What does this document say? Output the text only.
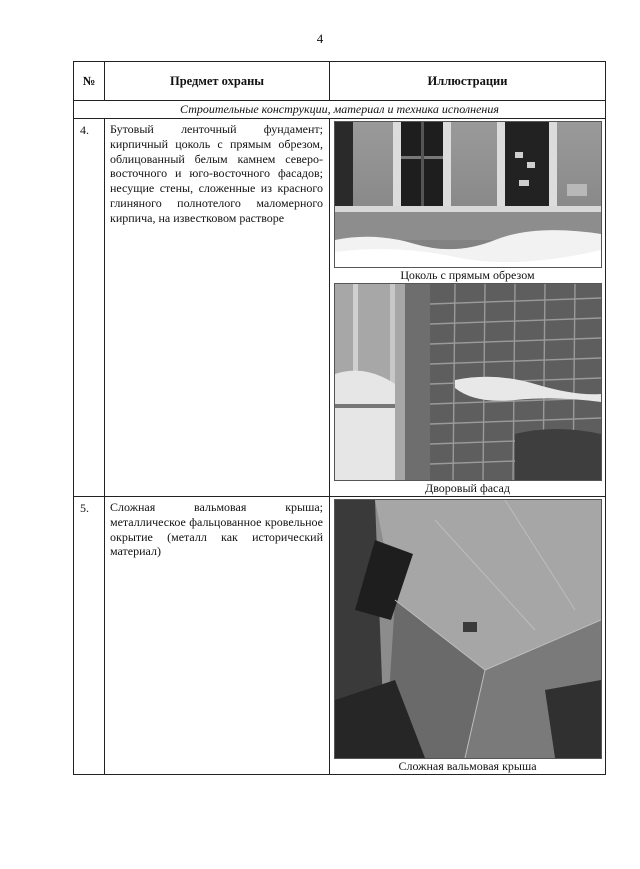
4
№	Предмет охраны	Иллюстрации
Строительные конструкции, материал и техника исполнения		
4.	Бутовый ленточный фундамент; кирпичный цоколь с прямым обрезом, облицованный белым камнем северо-восточного и юго-восточного фасадов; несущие стены, сложенные из красного глиняного полнотелого маломерного кирпича, на известковом растворе	Цоколь с прямым обрезом
Дворовый фасад

5.	Сложная вальмовая крыша; металлическое фальцованное кровельное окрытие (металл как исторический материал)	Сложная вальмовая крыша
